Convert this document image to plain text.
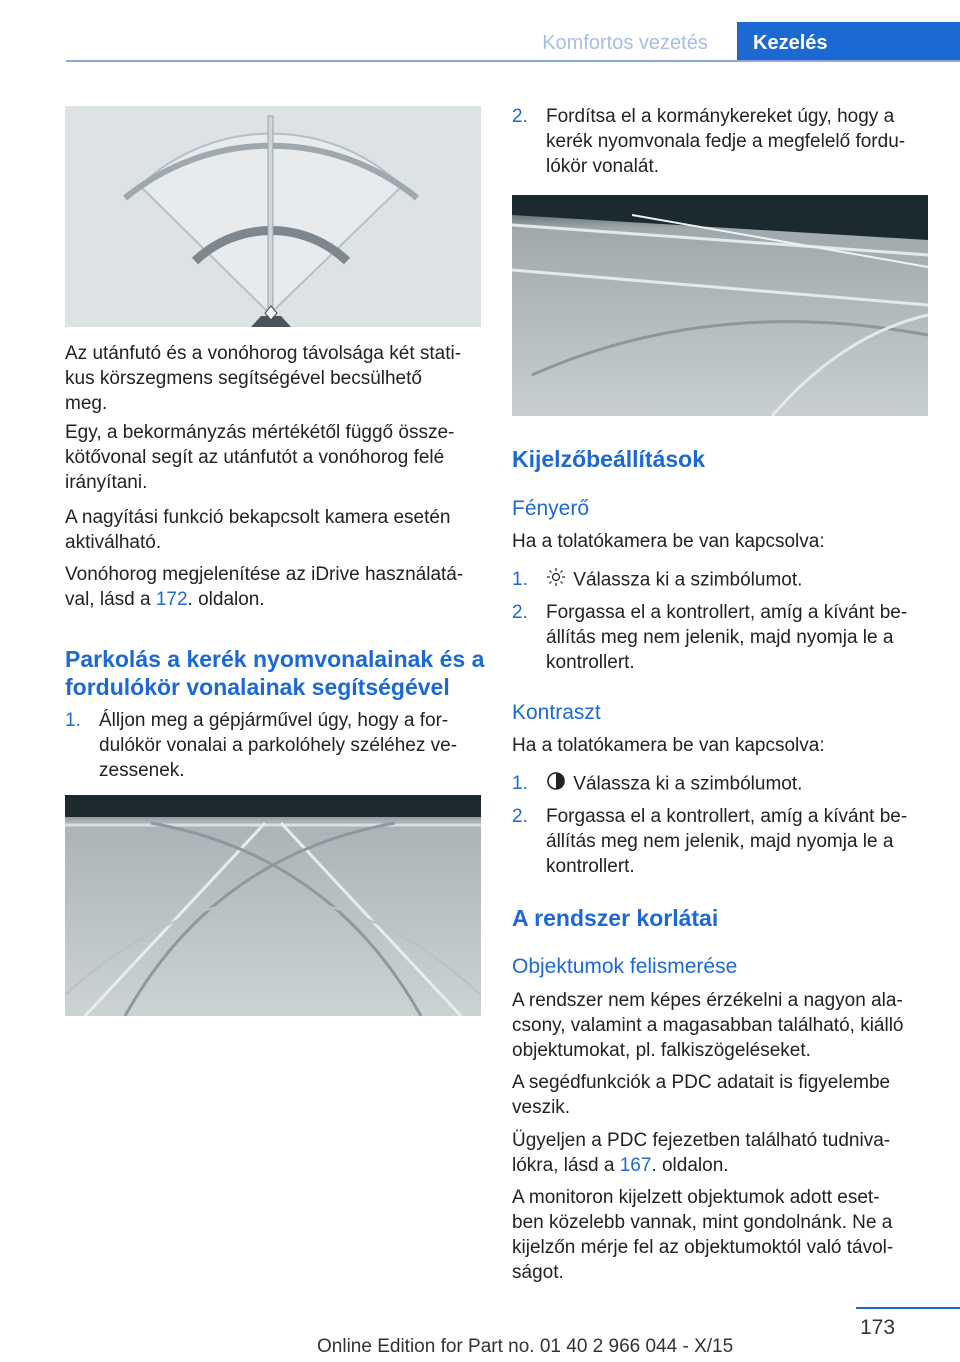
Komfortos vezetés	Kezelés

Az utánfutó és a vonóhorog távolsága két stati-
kus körszegmens segítségével becsülhető
meg.

Egy, a bekormányzás mértékétől függő össze-
kötővonal segít az utánfutót a vonóhorog felé
irányítani.

A nagyítási funkció bekapcsolt kamera esetén
aktiválható.

Vonóhorog megjelenítése az iDrive használatá-
val, lásd a 172. oldalon.

Parkolás a kerék nyomvonalainak és a
fordulókör vonalainak segítségével
1. Álljon meg a gépjárművel úgy, hogy a for-
dulókör vonalai a parkolóhely széléhez ve-
zessenek.
2. Fordítsa el a kormánykereket úgy, hogy a
kerék nyomvonala fedje a megfelelő fordu-
lókör vonalát.
Kijelzőbeállítások
Fényerő

Ha a tolatókamera be van kapcsolva:

1. Válassza ki a szimbólumot.
2. Forgassa el a kontrollert, amíg a kívánt be-
állítás meg nem jelenik, majd nyomja le a
kontrollert.
Kontraszt

Ha a tolatókamera be van kapcsolva:

1. Válassza ki a szimbólumot.
2. Forgassa el a kontrollert, amíg a kívánt be-
állítás meg nem jelenik, majd nyomja le a
kontrollert.
A rendszer korlátai
Objektumok felismerése

A rendszer nem képes érzékelni a nagyon ala-
csony, valamint a magasabban található, kiálló
objektumokat, pl. falkiszögeléseket.

A segédfunkciók a PDC adatait is figyelembe
veszik.

Ügyeljen a PDC fejezetben található tudniva-
lókra, lásd a 167. oldalon.

A monitoron kijelzett objektumok adott eset-
ben közelebb vannak, mint gondolnánk. Ne a
kijelzőn mérje fel az objektumoktól való távol-
ságot.

173
Online Edition for Part no. 01 40 2 966 044 - X/15
